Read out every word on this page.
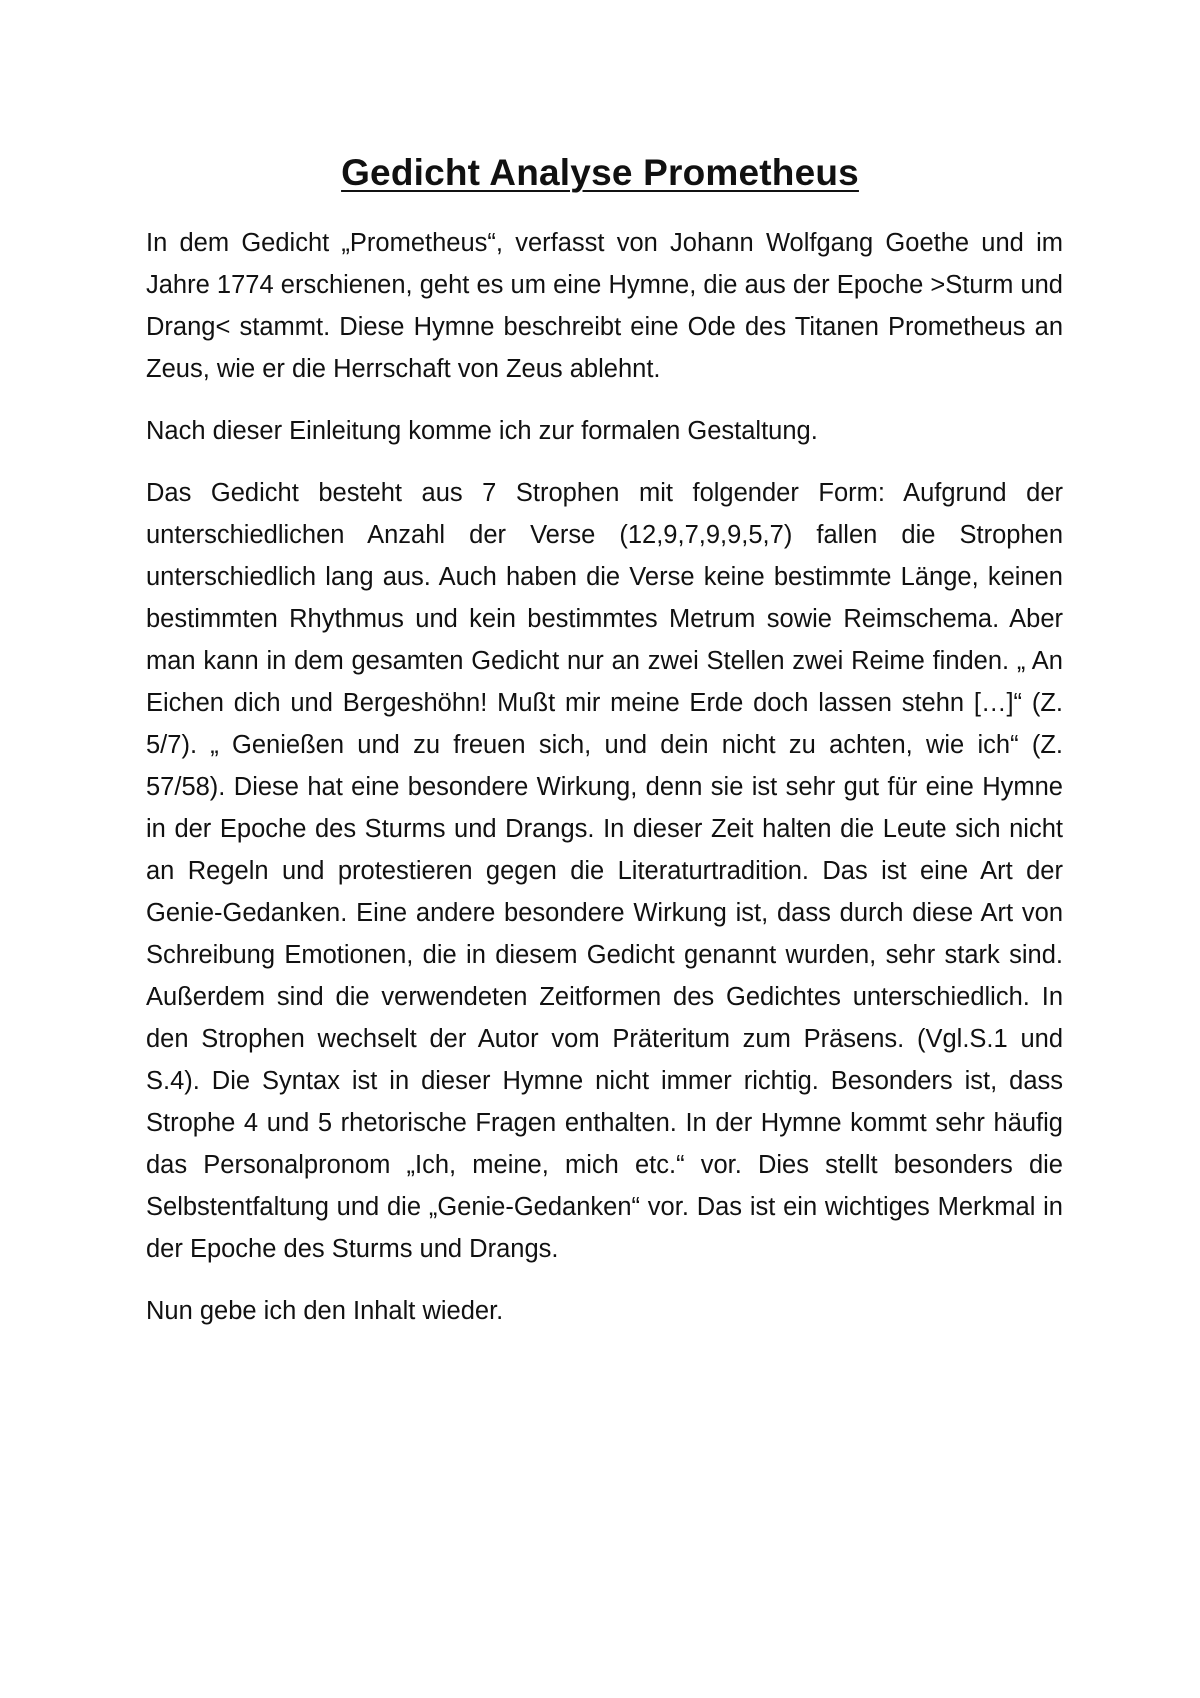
Gedicht Analyse Prometheus

In dem Gedicht „Prometheus“, verfasst von Johann Wolfgang Goethe und im Jahre 1774 erschienen, geht es um eine Hymne, die aus der Epoche >Sturm und Drang< stammt. Diese Hymne beschreibt eine Ode des Titanen Prometheus an Zeus, wie er die Herrschaft von Zeus ablehnt.

Nach dieser Einleitung komme ich zur formalen Gestaltung.

Das Gedicht besteht aus 7 Strophen mit folgender Form: Aufgrund der unterschiedlichen Anzahl der Verse (12,9,7,9,9,5,7) fallen die Strophen unterschiedlich lang aus. Auch haben die Verse keine bestimmte Länge, keinen bestimmten Rhythmus und kein bestimmtes Metrum sowie Reimschema. Aber man kann in dem gesamten Gedicht nur an zwei Stellen zwei Reime finden. „ An Eichen dich und Bergeshöhn! Mußt mir meine Erde doch lassen stehn […]“ (Z. 5/7). „ Genießen und zu freuen sich, und dein nicht zu achten, wie ich“ (Z. 57/58). Diese hat eine besondere Wirkung, denn sie ist sehr gut für eine Hymne in der Epoche des Sturms und Drangs. In dieser Zeit halten die Leute sich nicht an Regeln und protestieren gegen die Literaturtradition. Das ist eine Art der Genie-Gedanken. Eine andere besondere Wirkung ist, dass durch diese Art von Schreibung Emotionen, die in diesem Gedicht genannt wurden, sehr stark sind. Außerdem sind die verwendeten Zeitformen des Gedichtes unterschiedlich. In den Strophen wechselt der Autor vom Präteritum zum Präsens. (Vgl.S.1 und S.4). Die Syntax ist in dieser Hymne nicht immer richtig. Besonders ist, dass Strophe 4 und 5 rhetorische Fragen enthalten. In der Hymne kommt sehr häufig das Personalpronom „Ich, meine, mich etc.“ vor. Dies stellt besonders die Selbstentfaltung und die „Genie-Gedanken“ vor. Das ist ein wichtiges Merkmal in der Epoche des Sturms und Drangs.

Nun gebe ich den Inhalt wieder.
